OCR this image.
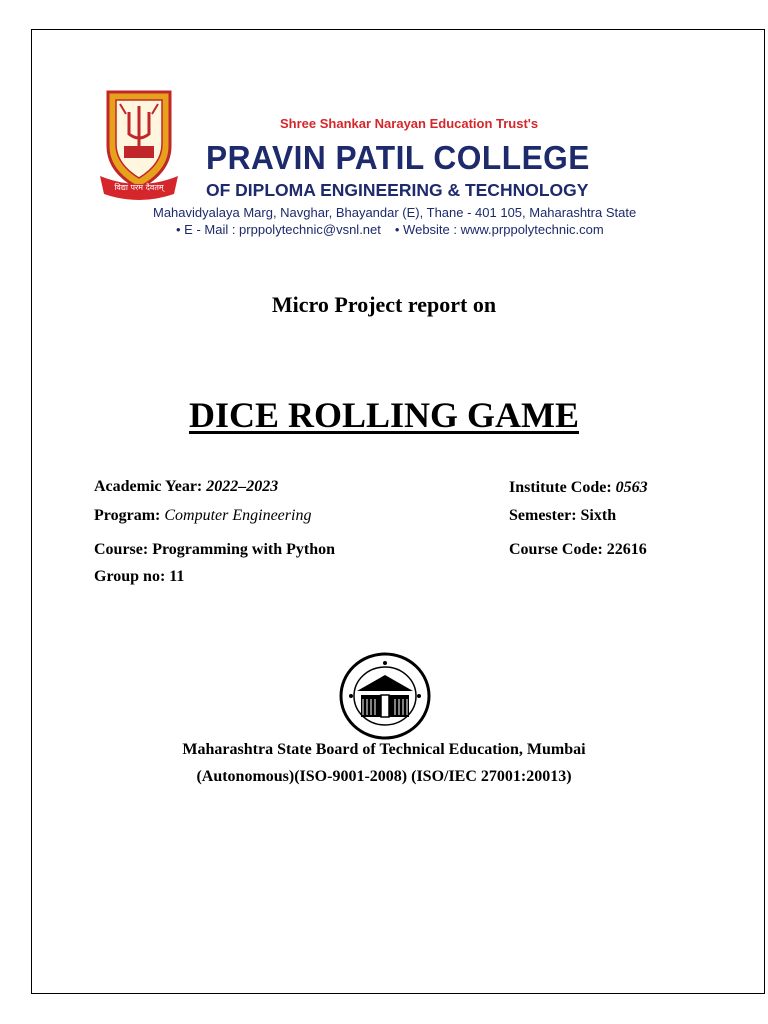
विद्या परम दैवतम्
Shree Shankar Narayan Education Trust's
PRAVIN PATIL COLLEGE
OF DIPLOMA ENGINEERING & TECHNOLOGY
Mahavidyalaya Marg, Navghar, Bhayandar (E), Thane - 401 105, Maharashtra State
• E - Mail : prppolytechnic@vsnl.net • Website : www.prppolytechnic.com
Micro Project report on
DICE ROLLING GAME
Academic Year: 2022–2023
Program: Computer Engineering
Course: Programming with Python
Group no: 11
Institute Code: 0563
Semester: Sixth
Course Code: 22616
Maharashtra State Board of Technical Education, Mumbai
(Autonomous)(ISO-9001-2008) (ISO/IEC 27001:20013)
